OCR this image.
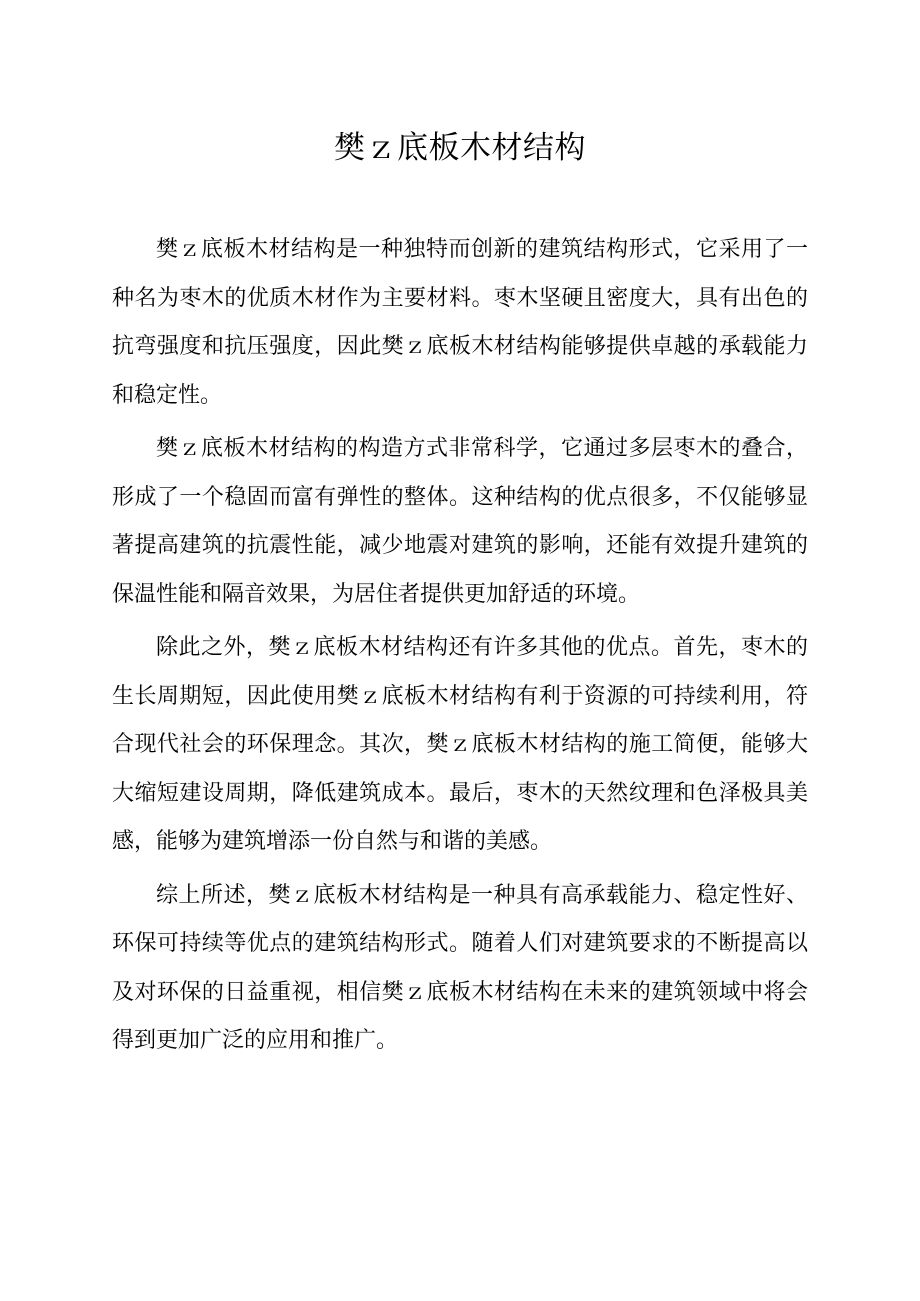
樊ｚ底板木材结构

樊ｚ底板木材结构是一种独特而创新的建筑结构形式，它采用了一种名为枣木的优质木材作为主要材料。枣木坚硬且密度大，具有出色的抗弯强度和抗压强度，因此樊ｚ底板木材结构能够提供卓越的承载能力和稳定性。

樊ｚ底板木材结构的构造方式非常科学，它通过多层枣木的叠合，形成了一个稳固而富有弹性的整体。这种结构的优点很多，不仅能够显著提高建筑的抗震性能，减少地震对建筑的影响，还能有效提升建筑的保温性能和隔音效果，为居住者提供更加舒适的环境。

除此之外，樊ｚ底板木材结构还有许多其他的优点。首先，枣木的生长周期短，因此使用樊ｚ底板木材结构有利于资源的可持续利用，符合现代社会的环保理念。其次，樊ｚ底板木材结构的施工简便，能够大大缩短建设周期，降低建筑成本。最后，枣木的天然纹理和色泽极具美感，能够为建筑增添一份自然与和谐的美感。

综上所述，樊ｚ底板木材结构是一种具有高承载能力、稳定性好、环保可持续等优点的建筑结构形式。随着人们对建筑要求的不断提高以及对环保的日益重视，相信樊ｚ底板木材结构在未来的建筑领域中将会得到更加广泛的应用和推广。
